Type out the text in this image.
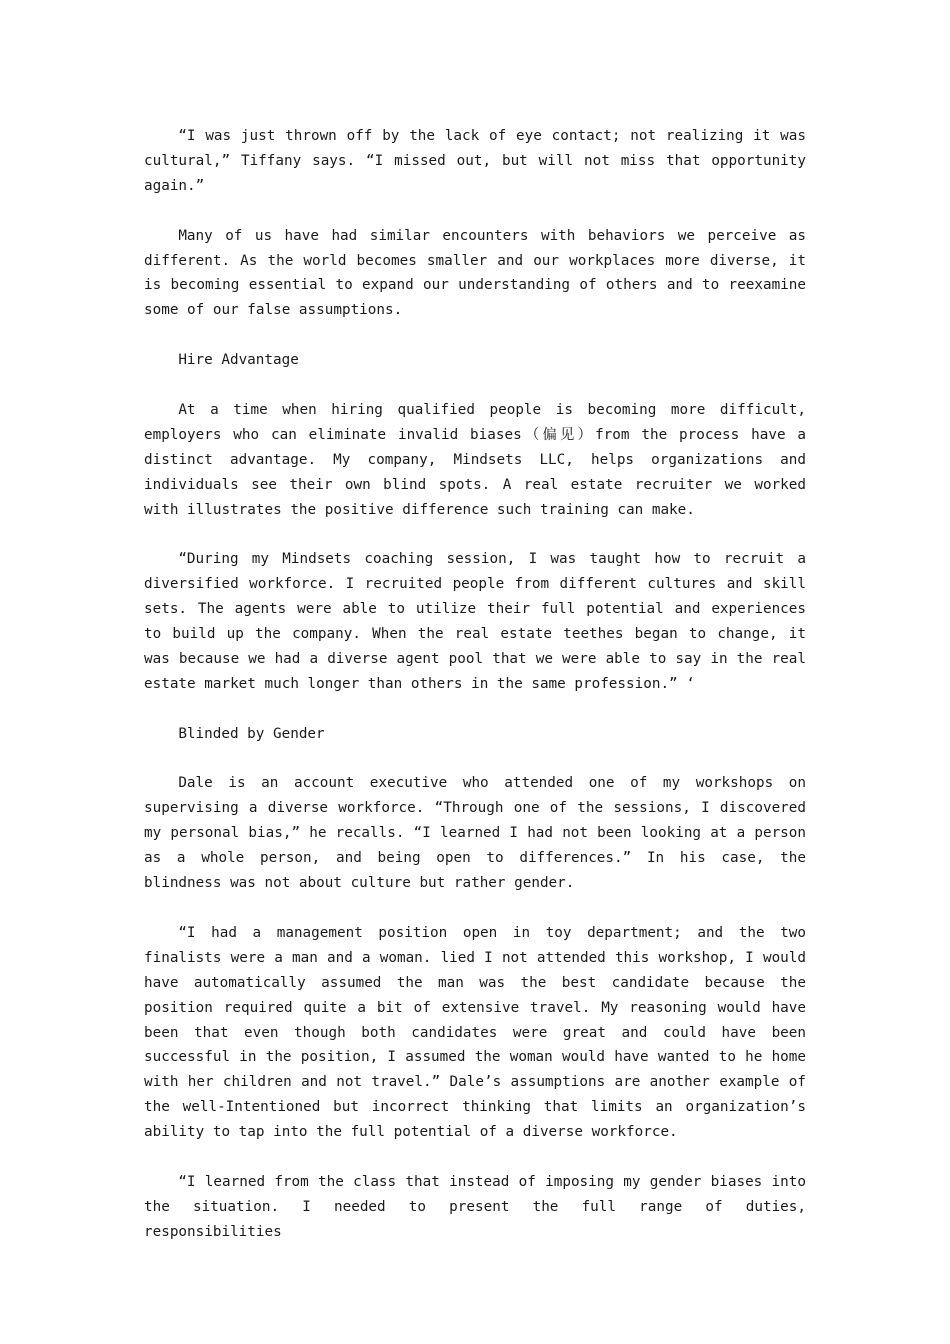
“I was just thrown off by the lack of eye contact; not realizing it was cultural,” Tiffany says. “I missed out, but will not miss that opportunity again.”

Many of us have had similar encounters with behaviors we perceive as different. As the world becomes smaller and our workplaces more diverse, it is becoming essential to expand our understanding of others and to reexamine some of our false assumptions.

Hire Advantage

At a time when hiring qualified people is becoming more difficult, employers who can eliminate invalid biases（偏见）from the process have a distinct advantage. My company, Mindsets LLC, helps organizations and individuals see their own blind spots. A real estate recruiter we worked with illustrates the positive difference such training can make.

“During my Mindsets coaching session, I was taught how to recruit a diversified workforce. I recruited people from different cultures and skill sets. The agents were able to utilize their full potential and experiences to build up the company. When the real estate teethes began to change, it was because we had a diverse agent pool that we were able to say in the real estate market much longer than others in the same profession.” ‘

Blinded by Gender

Dale is an account executive who attended one of my workshops on supervising a diverse workforce. “Through one of the sessions, I discovered my personal bias,” he recalls. “I learned I had not been looking at a person as a whole person, and being open to differences.” In his case, the blindness was not about culture but rather gender.

“I had a management position open in toy department; and the two finalists were a man and a woman. lied I not attended this workshop, I would have automatically assumed the man was the best candidate because the position required quite a bit of extensive travel. My reasoning would have been that even though both candidates were great and could have been successful in the position, I assumed the woman would have wanted to he home with her children and not travel.” Dale’s assumptions are another example of the well-Intentioned but incorrect thinking that limits an organization’s ability to tap into the full potential of a diverse workforce.

“I learned from the class that instead of imposing my gender biases into the situation. I needed to present the full range of duties, responsibilities
